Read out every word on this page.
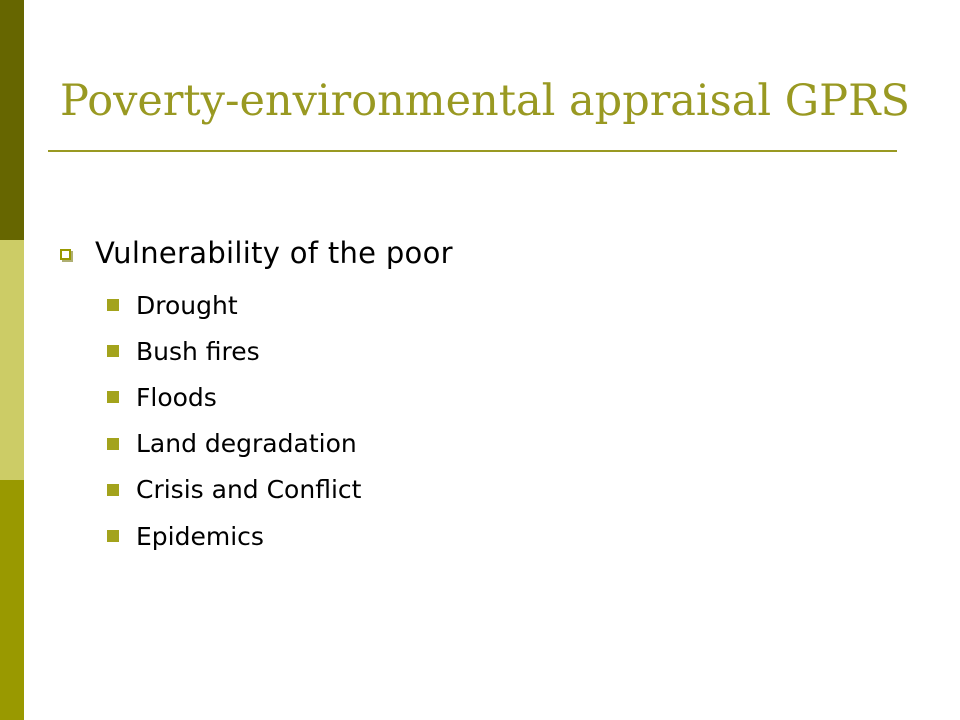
Poverty-environmental appraisal GPRS
Vulnerability of the poor
Drought
Bush fires
Floods
Land degradation
Crisis and Conflict
Epidemics
